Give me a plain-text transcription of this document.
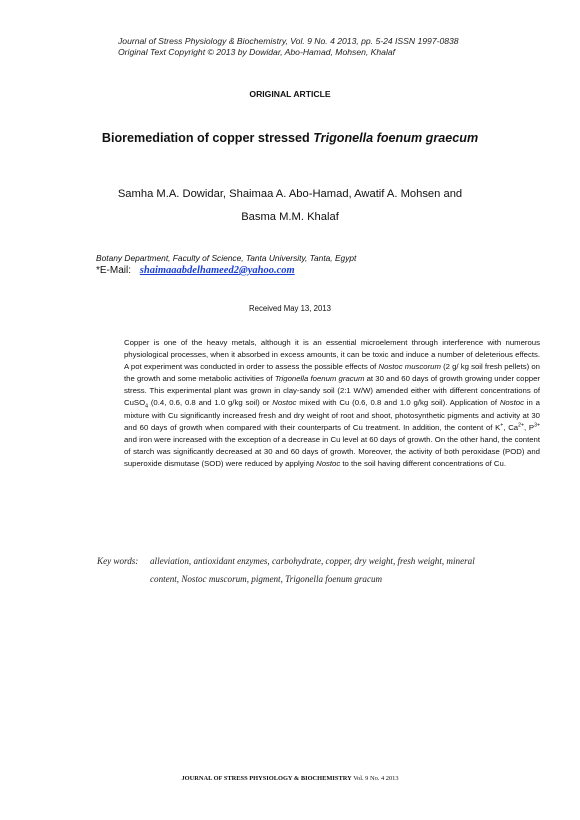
Journal of Stress Physiology & Biochemistry, Vol. 9 No. 4 2013, pp. 5-24 ISSN 1997-0838
Original Text Copyright © 2013 by Dowidar, Abo-Hamad, Mohsen, Khalaf
ORIGINAL ARTICLE
Bioremediation of copper stressed Trigonella foenum graecum
Samha M.A. Dowidar, Shaimaa A. Abo-Hamad, Awatif A. Mohsen and
Basma M.M. Khalaf
Botany Department, Faculty of Science, Tanta University, Tanta, Egypt
*E-Mail: shaimaaabdelhameed2@yahoo.com
Received May 13, 2013

Copper is one of the heavy metals, although it is an essential microelement through interference with numerous physiological processes, when it absorbed in excess amounts, it can be toxic and induce a number of deleterious effects. A pot experiment was conducted in order to assess the possible effects of Nostoc muscorum (2 g/ kg soil fresh pellets) on the growth and some metabolic activities of Trigonella foenum gracum at 30 and 60 days of growth growing under copper stress. This experimental plant was grown in clay-sandy soil (2:1 W/W) amended either with different concentrations of CuSO$_4$ (0.4, 0.6, 0.8 and 1.0 g/kg soil) or Nostoc mixed with Cu (0.6, 0.8 and 1.0 g/kg soil). Application of Nostoc in a mixture with Cu significantly increased fresh and dry weight of root and shoot, photosynthetic pigments and activity at 30 and 60 days of growth when compared with their counterparts of Cu treatment. In addition, the content of K+, $Ca^{2+}$, $P^{3+}$ and iron were increased with the exception of a decrease in Cu level at 60 days of growth. On the other hand, the content of starch was significantly decreased at 30 and 60 days of growth. Moreover, the activity of both peroxidase (POD) and superoxide dismutase (SOD) were reduced by applying Nostoc to the soil having different concentrations of Cu.

Key words: alleviation, antioxidant enzymes, carbohydrate, copper, dry weight, fresh weight, mineral
content, Nostoc muscorum, pigment, Trigonella foenum gracum
JOURNAL OF STRESS PHYSIOLOGY & BIOCHEMISTRY Vol. 9 No. 4 2013
